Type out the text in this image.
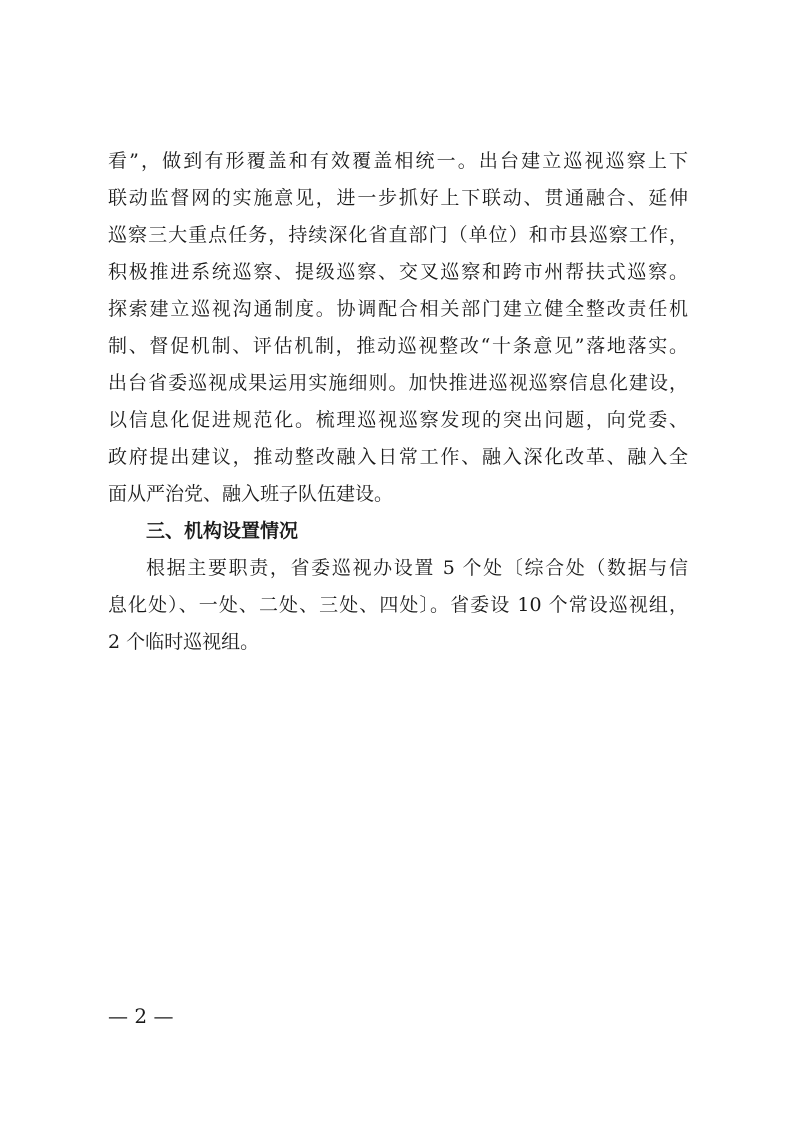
看”，做到有形覆盖和有效覆盖相统一。出台建立巡视巡察上下
联动监督网的实施意见，进一步抓好上下联动、贯通融合、延伸
巡察三大重点任务，持续深化省直部门（单位）和市县巡察工作，
积极推进系统巡察、提级巡察、交叉巡察和跨市州帮扶式巡察。
探索建立巡视沟通制度。协调配合相关部门建立健全整改责任机
制、督促机制、评估机制，推动巡视整改“十条意见”落地落实。
出台省委巡视成果运用实施细则。加快推进巡视巡察信息化建设，
以信息化促进规范化。梳理巡视巡察发现的突出问题，向党委、
政府提出建议，推动整改融入日常工作、融入深化改革、融入全
面从严治党、融入班子队伍建设。
三、机构设置情况
根据主要职责，省委巡视办设置 5 个处〔综合处（数据与信
息化处）、一处、二处、三处、四处〕。省委设 10 个常设巡视组，
2 个临时巡视组。
— 2 —
